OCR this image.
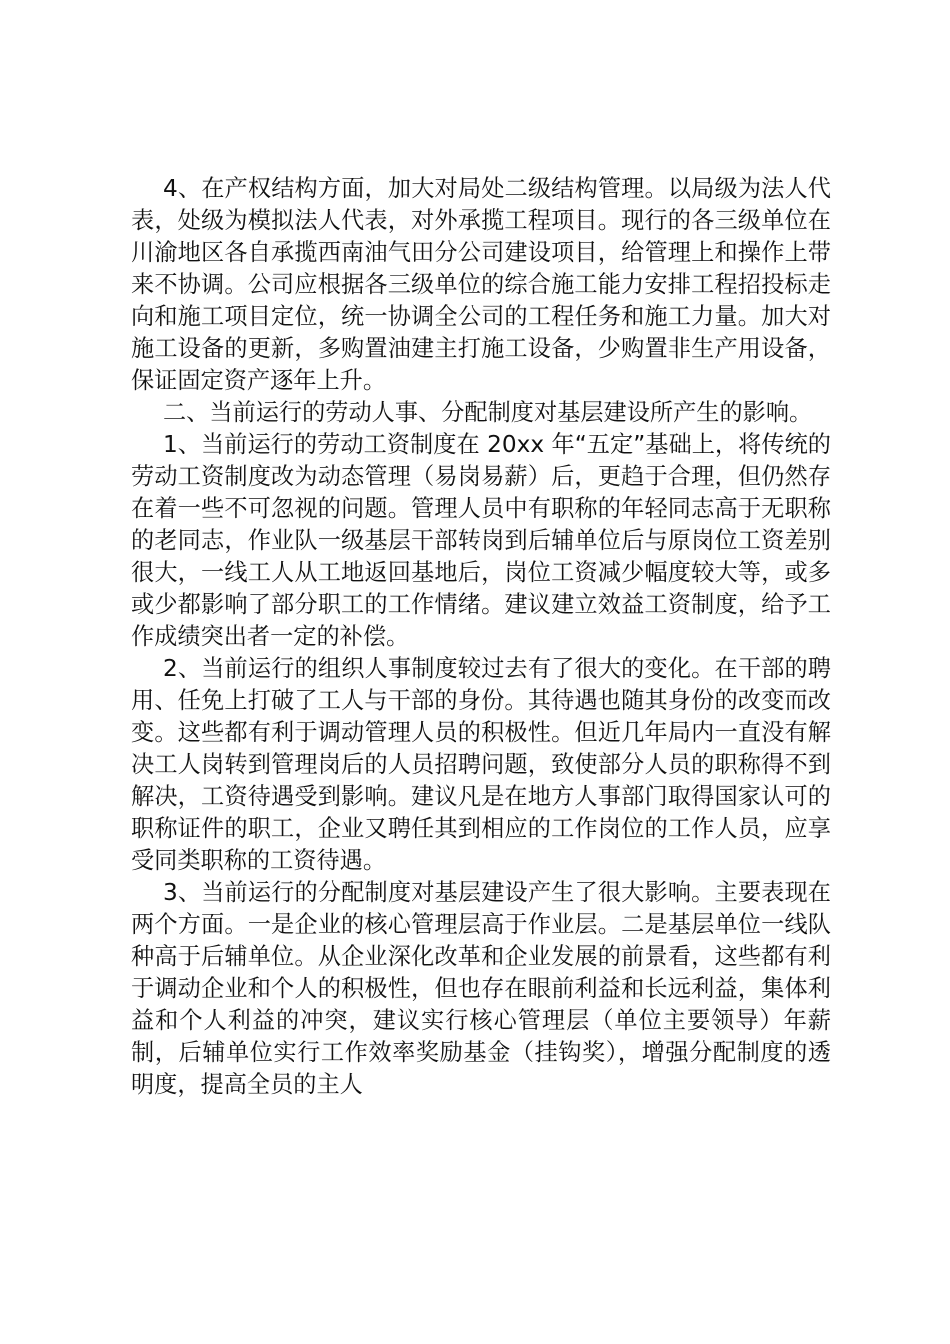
4、在产权结构方面，加大对局处二级结构管理。以局级为法人代表，处级为模拟法人代表，对外承揽工程项目。现行的各三级单位在川渝地区各自承揽西南油气田分公司建设项目，给管理上和操作上带来不协调。公司应根据各三级单位的综合施工能力安排工程招投标走向和施工项目定位，统一协调全公司的工程任务和施工力量。加大对施工设备的更新，多购置油建主打施工设备，少购置非生产用设备，保证固定资产逐年上升。

二、当前运行的劳动人事、分配制度对基层建设所产生的影响。

1、当前运行的劳动工资制度在 20xx 年“五定”基础上，将传统的劳动工资制度改为动态管理（易岗易薪）后，更趋于合理，但仍然存在着一些不可忽视的问题。管理人员中有职称的年轻同志高于无职称的老同志，作业队一级基层干部转岗到后辅单位后与原岗位工资差别很大，一线工人从工地返回基地后，岗位工资减少幅度较大等，或多或少都影响了部分职工的工作情绪。建议建立效益工资制度，给予工作成绩突出者一定的补偿。

2、当前运行的组织人事制度较过去有了很大的变化。在干部的聘用、任免上打破了工人与干部的身份。其待遇也随其身份的改变而改变。这些都有利于调动管理人员的积极性。但近几年局内一直没有解决工人岗转到管理岗后的人员招聘问题，致使部分人员的职称得不到解决，工资待遇受到影响。建议凡是在地方人事部门取得国家认可的职称证件的职工，企业又聘任其到相应的工作岗位的工作人员，应享受同类职称的工资待遇。

3、当前运行的分配制度对基层建设产生了很大影响。主要表现在两个方面。一是企业的核心管理层高于作业层。二是基层单位一线队种高于后辅单位。从企业深化改革和企业发展的前景看，这些都有利于调动企业和个人的积极性，但也存在眼前利益和长远利益，集体利益和个人利益的冲突，建议实行核心管理层（单位主要领导）年薪制，后辅单位实行工作效率奖励基金（挂钩奖），增强分配制度的透明度，提高全员的主人
